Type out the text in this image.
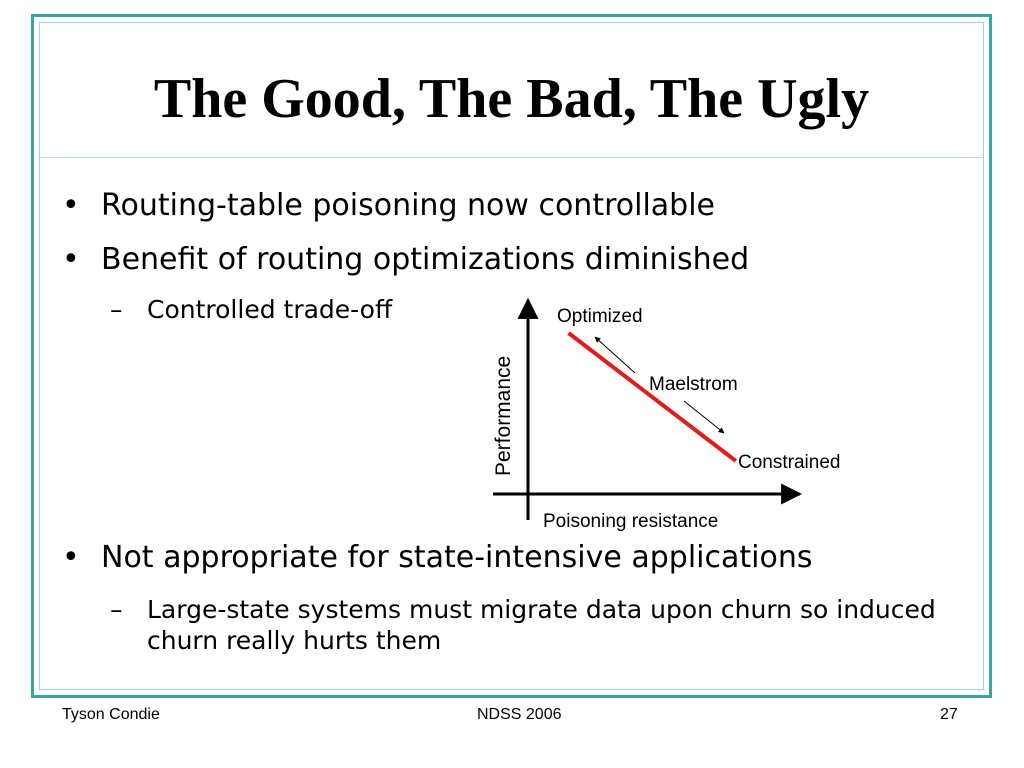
The Good, The Bad, The Ugly
• Routing-table poisoning now controllable
• Benefit of routing optimizations diminished
– Controlled trade-off
• Not appropriate for state-intensive applications
– Large-state systems must migrate data upon churn so induced churn really hurts them
Optimized
Maelstrom
Constrained
Poisoning resistance
Performance
Tyson Condie	NDSS 2006	27
